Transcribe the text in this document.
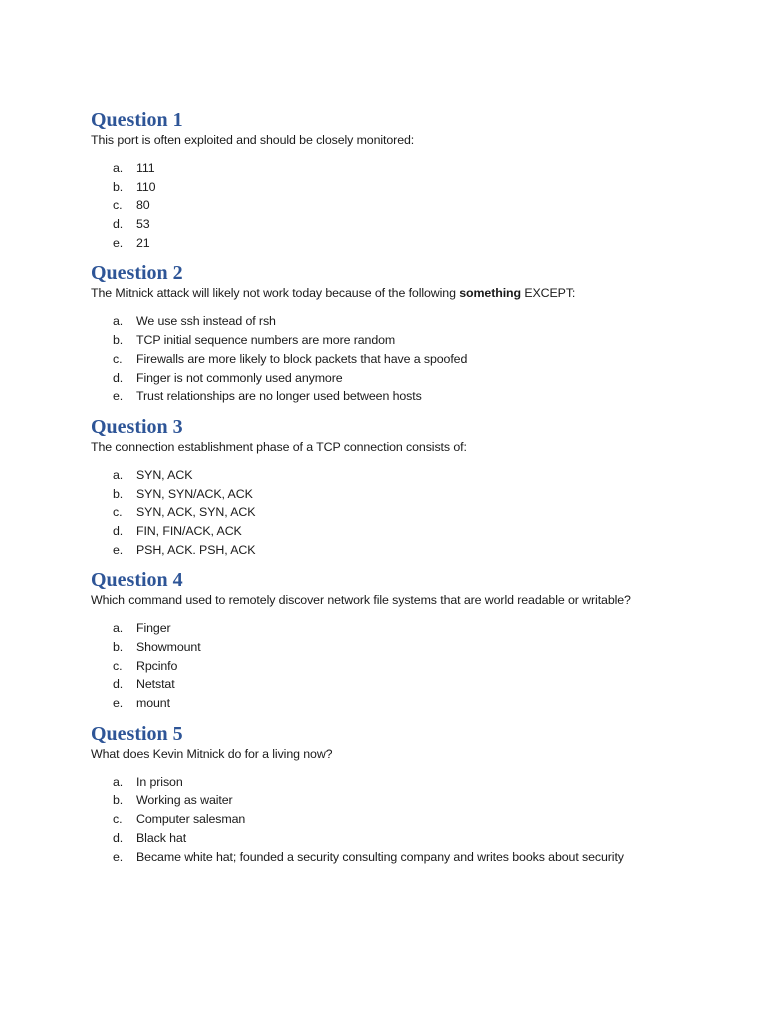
Question 1

This port is often exploited and should be closely monitored:

a. 111
b. 110
c. 80
d. 53
e. 21
Question 2

The Mitnick attack will likely not work today because of the following something EXCEPT:

a. We use ssh instead of rsh
b. TCP initial sequence numbers are more random
c. Firewalls are more likely to block packets that have a spoofed
d. Finger is not commonly used anymore
e. Trust relationships are no longer used between hosts
Question 3

The connection establishment phase of a TCP connection consists of:

a. SYN, ACK
b. SYN, SYN/ACK, ACK
c. SYN, ACK, SYN, ACK
d. FIN, FIN/ACK, ACK
e. PSH, ACK. PSH, ACK
Question 4

Which command used to remotely discover network file systems that are world readable or writable?

a. Finger
b. Showmount
c. Rpcinfo
d. Netstat
e. mount
Question 5

What does Kevin Mitnick do for a living now?

a. In prison
b. Working as waiter
c. Computer salesman
d. Black hat
e. Became white hat; founded a security consulting company and writes books about security
